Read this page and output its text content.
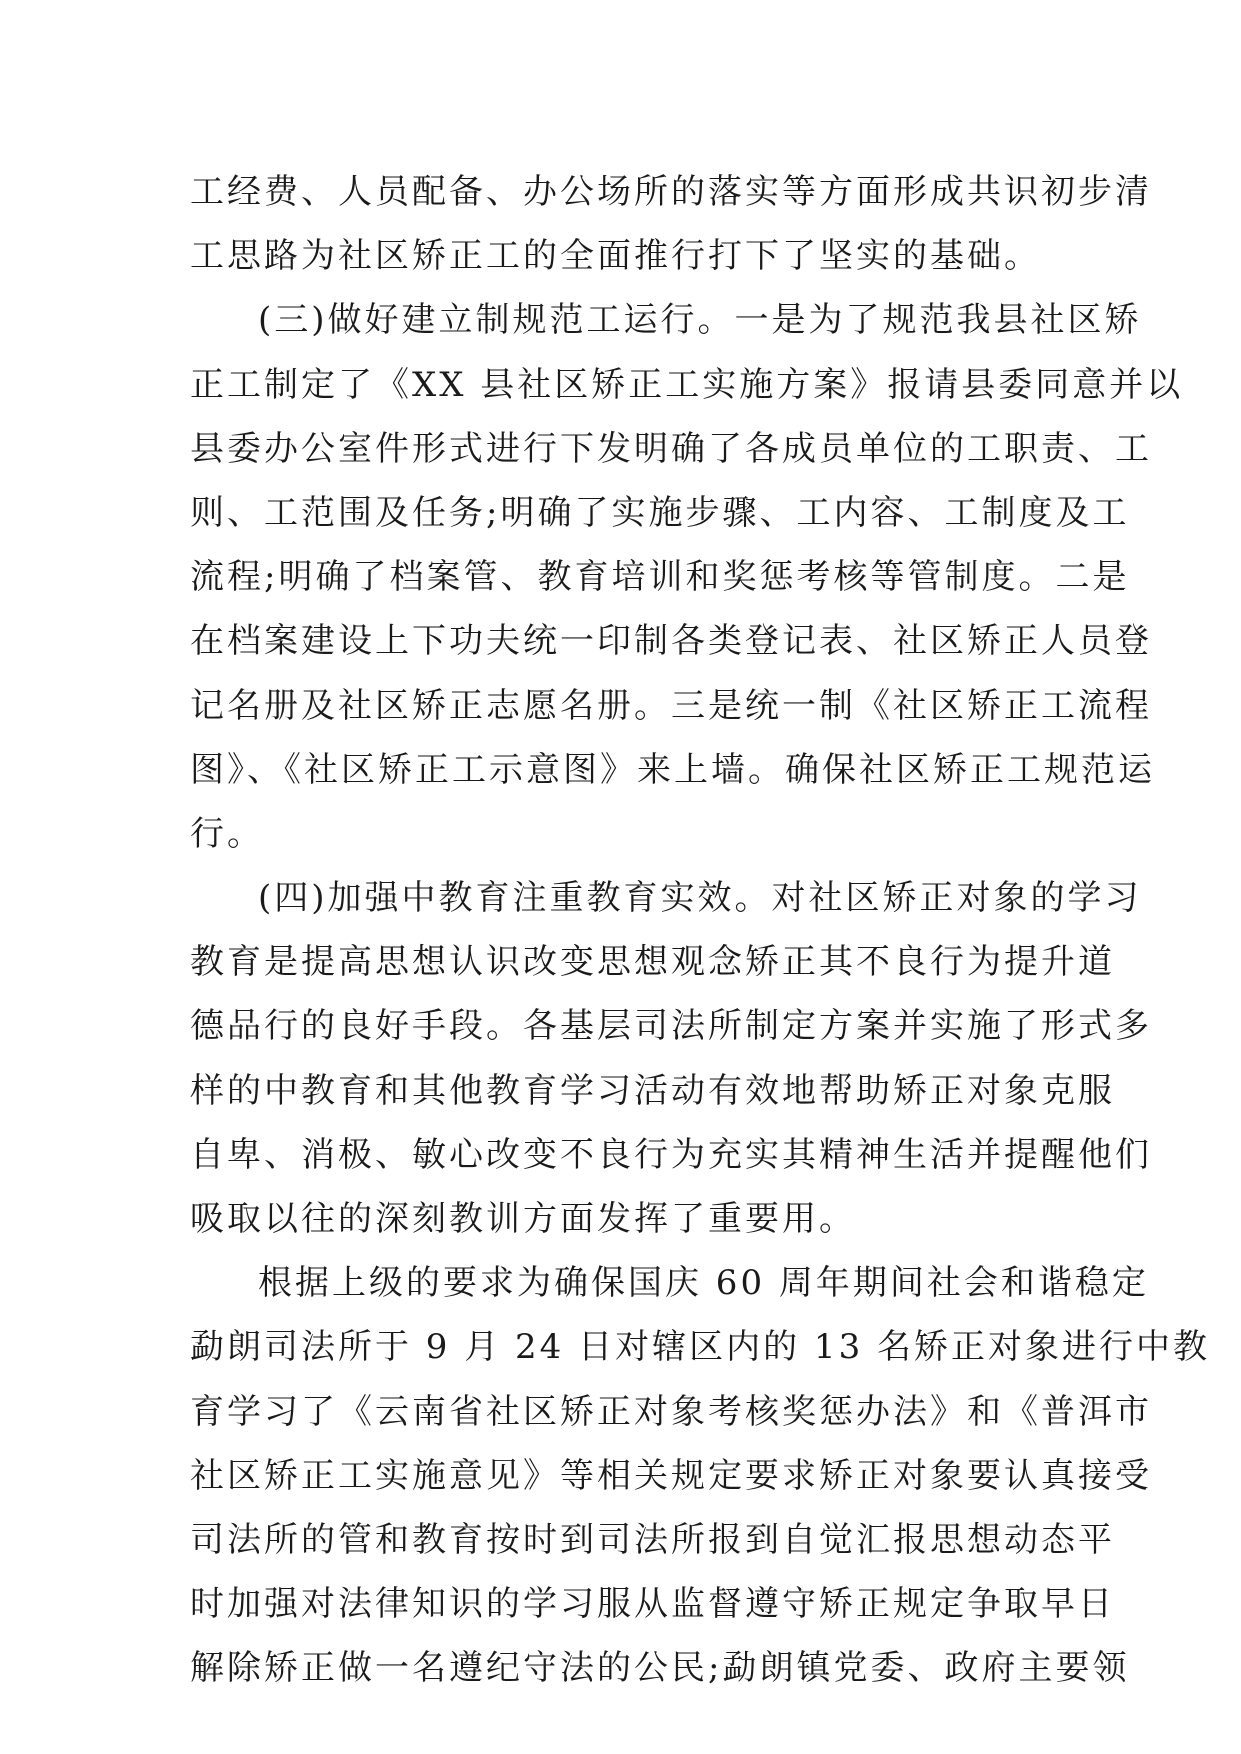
工经费、人员配备、办公场所的落实等方面形成共识初步清
工思路为社区矫正工的全面推行打下了坚实的基础。
(三)做好建立制规范工运行。一是为了规范我县社区矫
正工制定了《XX 县社区矫正工实施方案》报请县委同意并以
县委办公室件形式进行下发明确了各成员单位的工职责、工
则、工范围及任务;明确了实施步骤、工内容、工制度及工
流程;明确了档案管、教育培训和奖惩考核等管制度。二是
在档案建设上下功夫统一印制各类登记表、社区矫正人员登
记名册及社区矫正志愿名册。三是统一制《社区矫正工流程
图》、《社区矫正工示意图》来上墙。确保社区矫正工规范运
行。
(四)加强中教育注重教育实效。对社区矫正对象的学习
教育是提高思想认识改变思想观念矫正其不良行为提升道
德品行的良好手段。各基层司法所制定方案并实施了形式多
样的中教育和其他教育学习活动有效地帮助矫正对象克服
自卑、消极、敏心改变不良行为充实其精神生活并提醒他们
吸取以往的深刻教训方面发挥了重要用。
根据上级的要求为确保国庆 60 周年期间社会和谐稳定
勐朗司法所于 9 月 24 日对辖区内的 13 名矫正对象进行中教
育学习了《云南省社区矫正对象考核奖惩办法》和《普洱市
社区矫正工实施意见》等相关规定要求矫正对象要认真接受
司法所的管和教育按时到司法所报到自觉汇报思想动态平
时加强对法律知识的学习服从监督遵守矫正规定争取早日
解除矫正做一名遵纪守法的公民;勐朗镇党委、政府主要领
